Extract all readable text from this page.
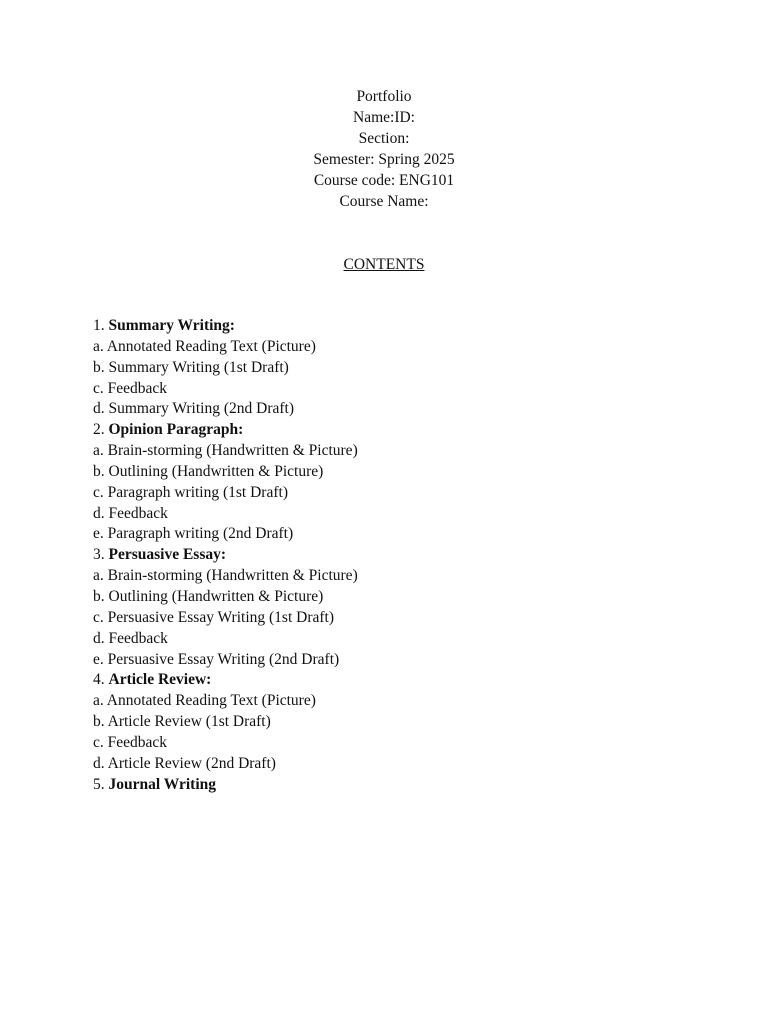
Portfolio
Name:ID:
Section:
Semester: Spring 2025
Course code: ENG101
Course Name:
CONTENTS
1. Summary Writing:
a. Annotated Reading Text (Picture)
b. Summary Writing (1st Draft)
c. Feedback
d. Summary Writing (2nd Draft)
2. Opinion Paragraph:
a. Brain-storming (Handwritten & Picture)
b. Outlining (Handwritten & Picture)
c. Paragraph writing (1st Draft)
d. Feedback
e. Paragraph writing (2nd Draft)
3. Persuasive Essay:
a. Brain-storming (Handwritten & Picture)
b. Outlining (Handwritten & Picture)
c. Persuasive Essay Writing (1st Draft)
d. Feedback
e. Persuasive Essay Writing (2nd Draft)
4. Article Review:
a. Annotated Reading Text (Picture)
b. Article Review (1st Draft)
c. Feedback
d. Article Review (2nd Draft)
5. Journal Writing
